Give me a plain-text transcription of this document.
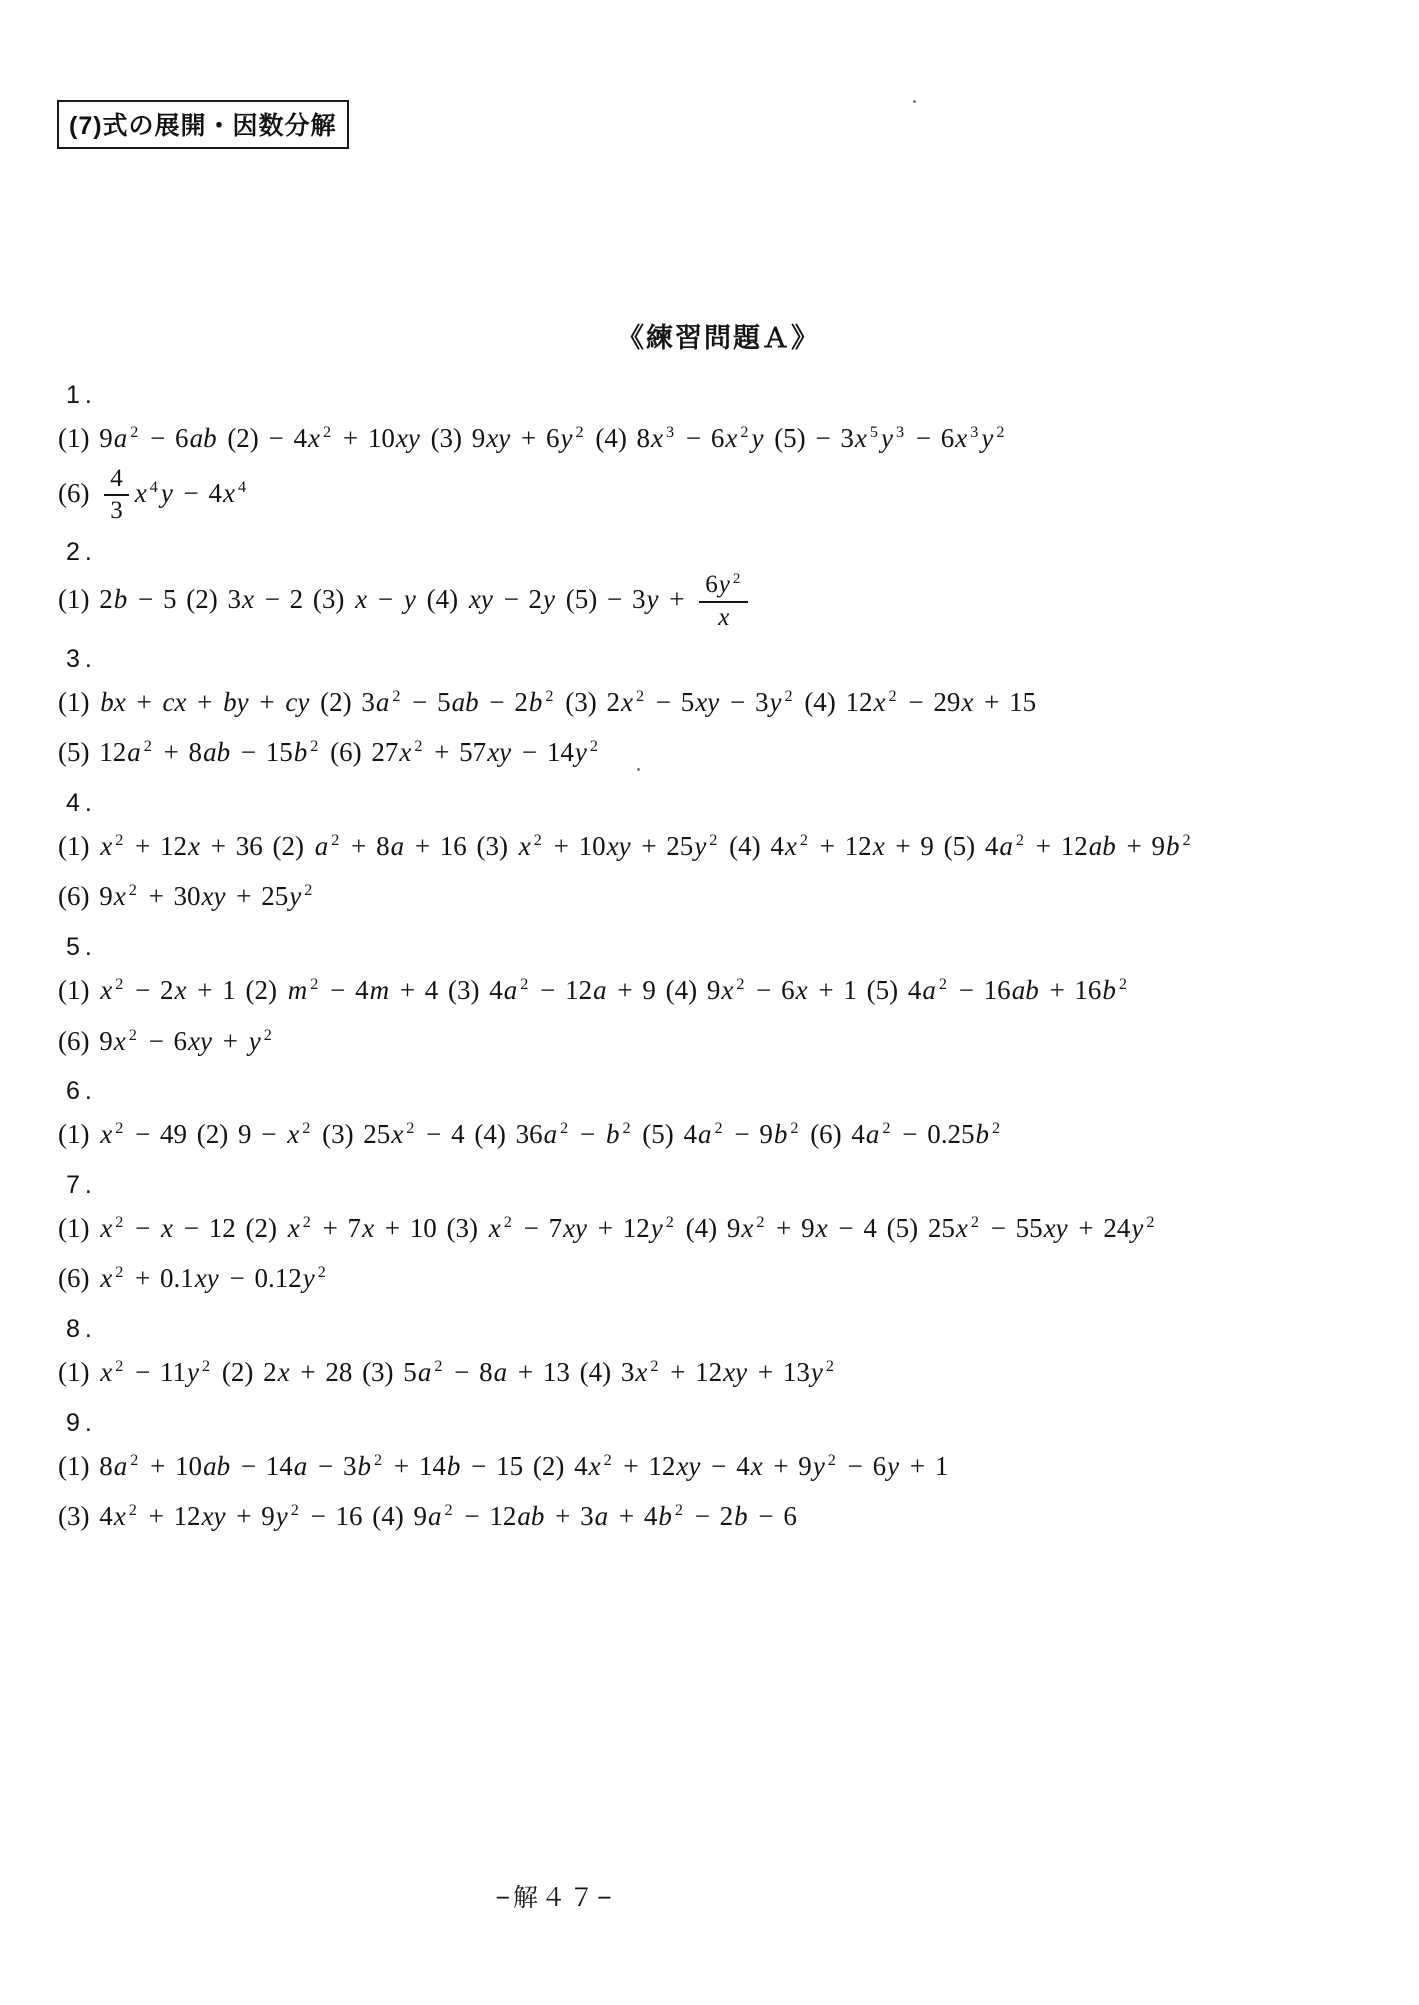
(7)式の展開・因数分解
《練習問題Ａ》
1.
(1) 9a $^2$ − 6ab (2) − 4x $^2$ + 10xy (3) 9xy + 6y $^2$ (4) 8x $^3$ − 6x $^2$ y (5) − 3x $^5$ y $^3$ − 6x $^3$ y $^2$
$(6) \frac{4}{3}$ x $^4$ y − 4x $^4$
2.
(1) 2b − 5 (2) 3x − 2 (3) x − y (4) xy − 2y $(5) - 3y + \frac{6y ^2}{x}$
3.
(1) bx + cx + by + cy (2) 3a $^2$ − 5ab − 2b $^2$ (3) 2x $^2$ − 5xy − 3y $^2$ (4) 12x $^2$ − 29x + 15
(5) 12a $^2$ + 8ab − 15b $^2$ (6) 27x $^2$ + 57xy − 14y $^2$
4.
(1) x $^2$ + 12x + 36 (2) a $^2$ + 8a + 16 (3) x $^2$ + 10xy + 25y $^2$ (4) 4x $^2$ + 12x + 9 (5) 4a $^2$ + 12ab + 9b $^2$
(6) 9x $^2$ + 30xy + 25y $^2$
5.
(1) x $^2$ − 2x + 1 (2) m $^2$ − 4m + 4 (3) 4a $^2$ − 12a + 9 (4) 9x $^2$ − 6x + 1 (5) 4a $^2$ − 16ab + 16b $^2$
(6) 9x $^2$ − 6xy + y $^2$
6.
(1) x $^2$ − 49 (2) 9 − x $^2$ (3) 25x $^2$ − 4 (4) 36a $^2$ − b $^2$ (5) 4a $^2$ − 9b $^2$ (6) 4a $^2$ − 0.25b $^2$
7.
(1) x $^2$ − x − 12 (2) x $^2$ + 7x + 10 (3) x $^2$ − 7xy + 12y $^2$ (4) 9x $^2$ + 9x − 4 (5) 25x $^2$ − 55xy + 24y $^2$
(6) x $^2$ + 0.1xy − 0.12y $^2$
8.
(1) x $^2$ − 11y $^2$ (2) 2x + 28 (3) 5a $^2$ − 8a + 13 (4) 3x $^2$ + 12xy + 13y $^2$
9.
(1) 8a $^2$ + 10ab − 14a − 3b $^2$ + 14b − 15 (2) 4x $^2$ + 12xy − 4x + 9y $^2$ − 6y + 1
(3) 4x $^2$ + 12xy + 9y $^2$ − 16 (4) 9a $^2$ − 12ab + 3a + 4b $^2$ − 2b − 6
−解４７−
